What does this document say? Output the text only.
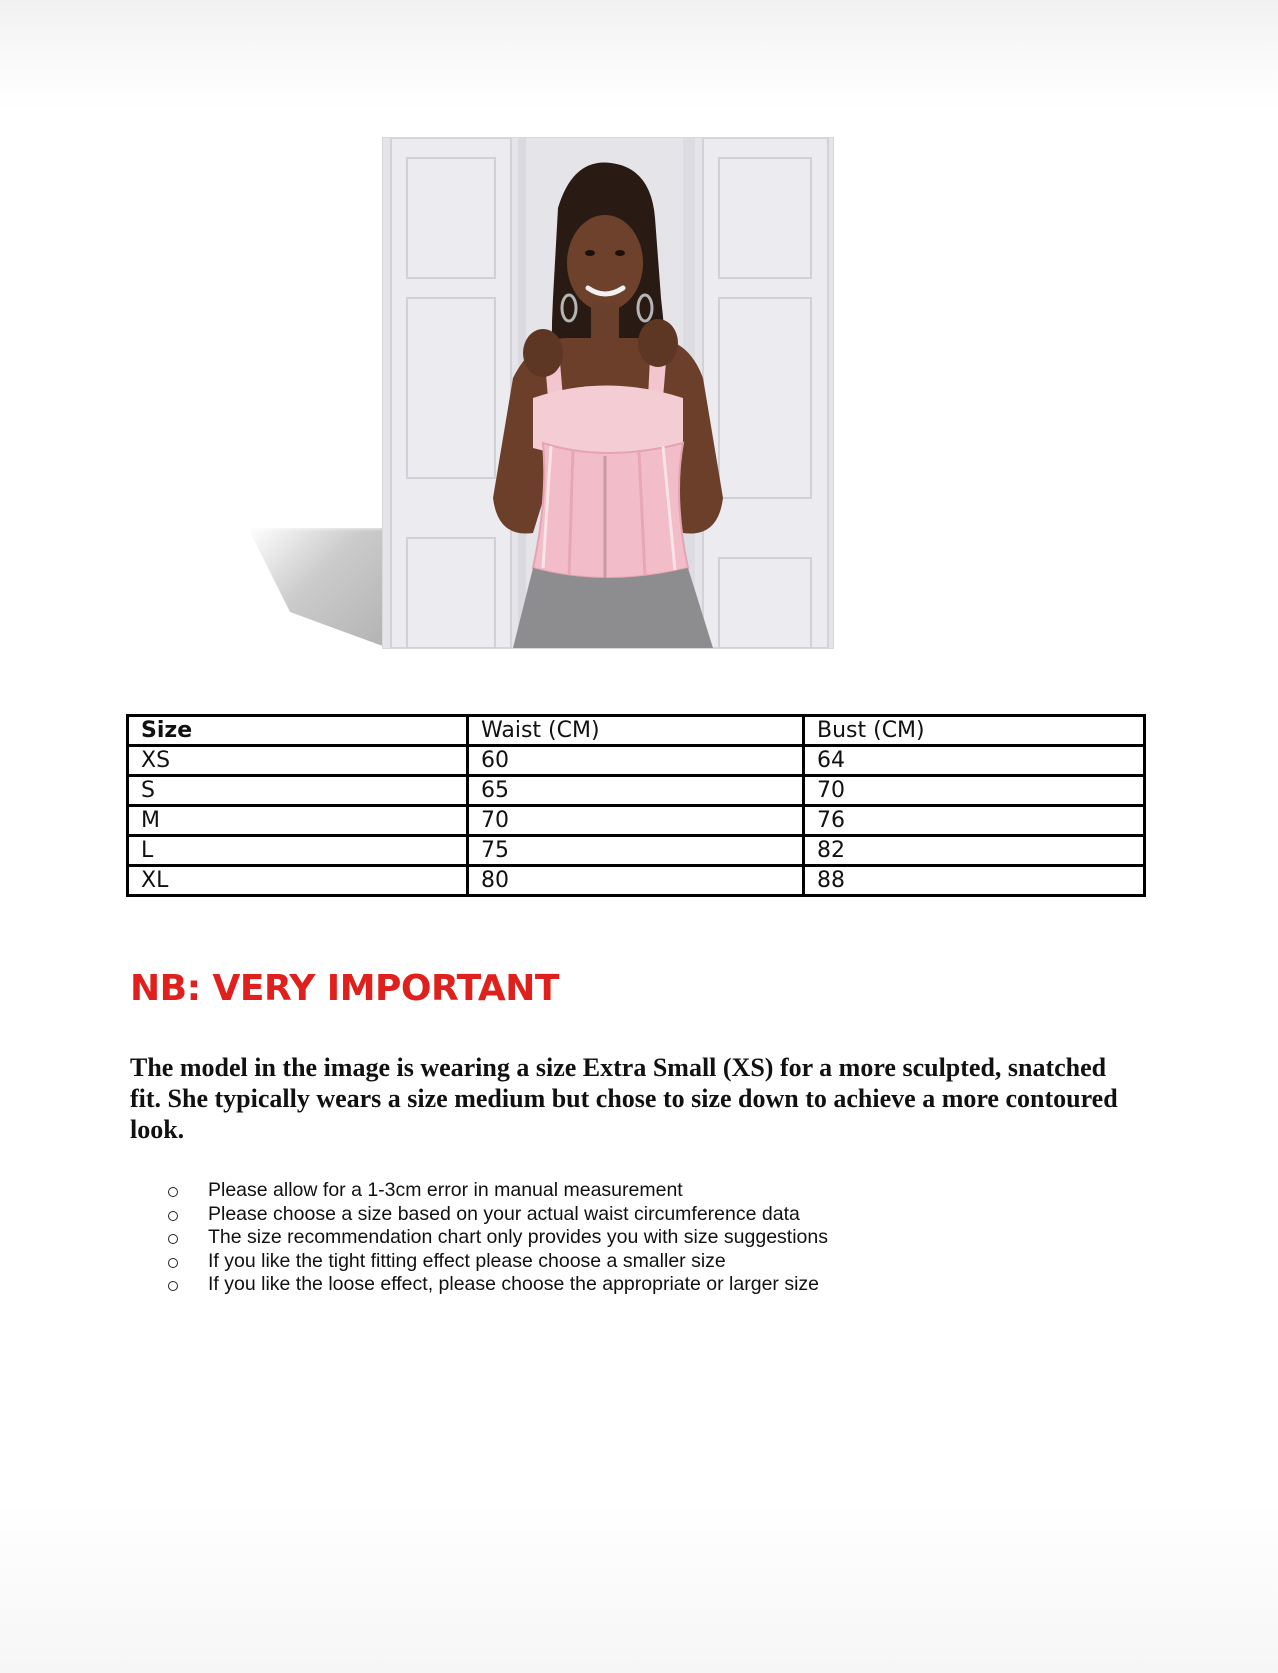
Size	Waist (CM)	Bust (CM)
XS	60	64
S	65	70
M	70	76
L	75	82
XL	80	88
NB: VERY IMPORTANT
The model in the image is wearing a size Extra Small (XS) for a more sculpted, snatched fit. She typically wears a size medium but chose to size down to achieve a more contoured look.
Please allow for a 1-3cm error in manual measurement
Please choose a size based on your actual waist circumference data
The size recommendation chart only provides you with size suggestions
If you like the tight fitting effect please choose a smaller size
If you like the loose effect, please choose the appropriate or larger size
